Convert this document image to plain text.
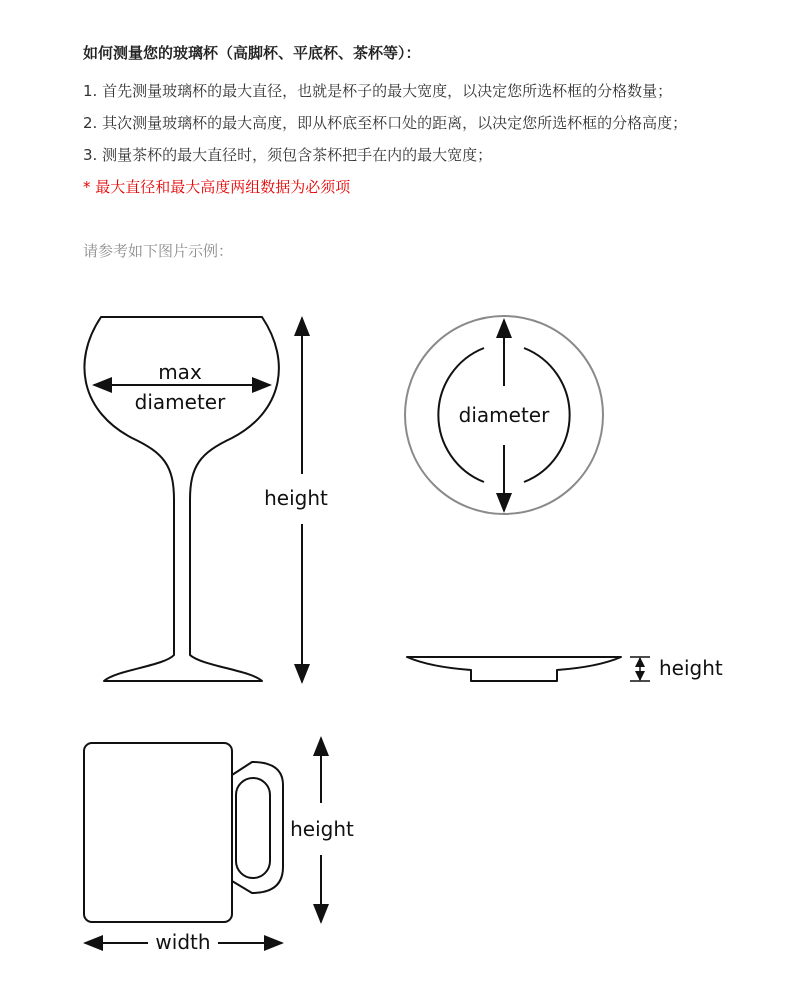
如何测量您的玻璃杯（高脚杯、平底杯、茶杯等）：

1. 首先测量玻璃杯的最大直径，也就是杯子的最大宽度，以决定您所选杯框的分格数量；

2. 其次测量玻璃杯的最大高度，即从杯底至杯口处的距离，以决定您所选杯框的分格高度；

3. 测量茶杯的最大直径时，须包含茶杯把手在内的最大宽度；

* 最大直径和最大高度两组数据为必须项

请参考如下图片示例：

max
diameter
height
diameter
height
height
width
